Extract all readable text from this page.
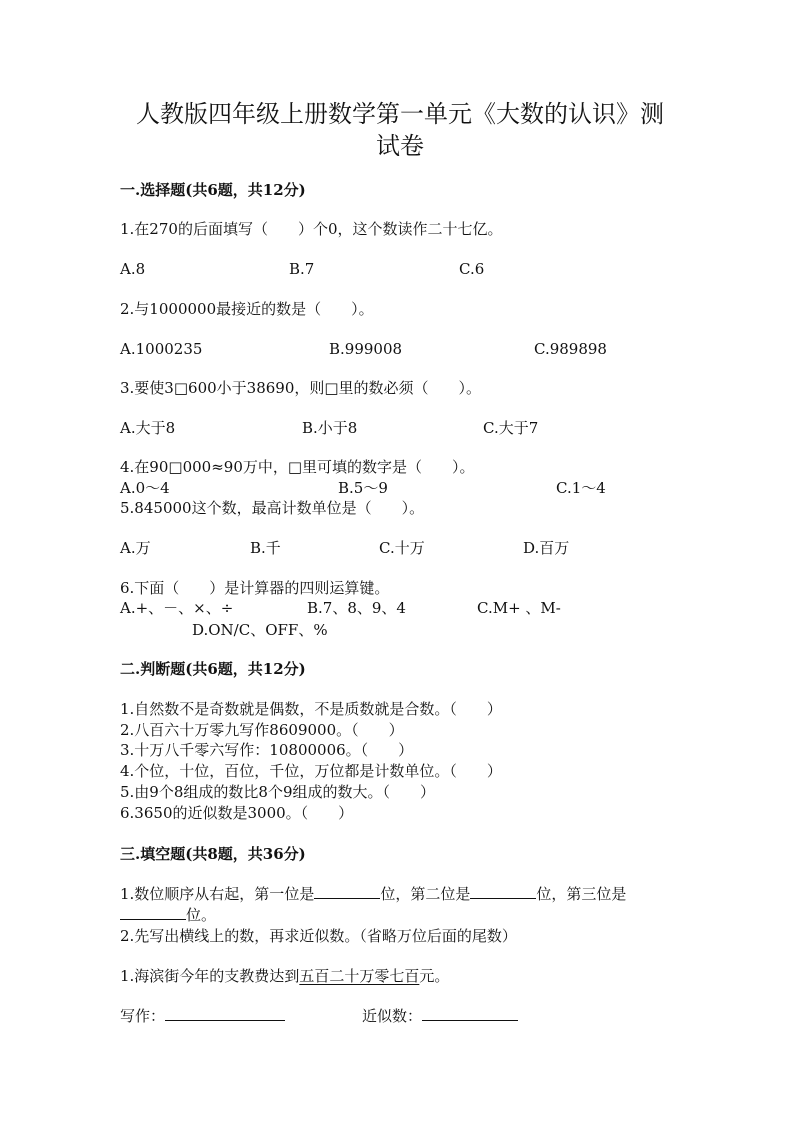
人教版四年级上册数学第一单元《大数的认识》测
试卷
一.选择题(共6题，共12分)
1.在270的后面填写（　　）个0，这个数读作二十七亿。
A.8	B.7	C.6
2.与1000000最接近的数是（　　）。
A.1000235	B.999008	C.989898
3.要使3□600小于38690，则□里的数必须（　　）。
A.大于8	B.小于8	C.大于7
4.在90□000≈90万中，□里可填的数字是（　　）。
A.0～4	B.5～9	C.1～4
5.845000这个数，最高计数单位是（　　）。
A.万	B.千	C.十万	D.百万
6.下面（　　）是计算器的四则运算键。
A.+、－、×、÷	B.7、8、9、4	C.M+ 、M-
D.ON/C、OFF、%
二.判断题(共6题，共12分)
1.自然数不是奇数就是偶数，不是质数就是合数。（　　）
2.八百六十万零九写作8609000。（　　）
3.十万八千零六写作：10800006。（　　）
4.个位，十位，百位，千位，万位都是计数单位。（　　）
5.由9个8组成的数比8个9组成的数大。（　　）
6.3650的近似数是3000。（　　）
三.填空题(共8题，共36分)
1.数位顺序从右起，第一位是	位，第二位是	位，第三位是
位。
2.先写出横线上的数，再求近似数。（省略万位后面的尾数）
1.海滨街今年的支教费达到五百二十万零七百元。
写作：	近似数：
